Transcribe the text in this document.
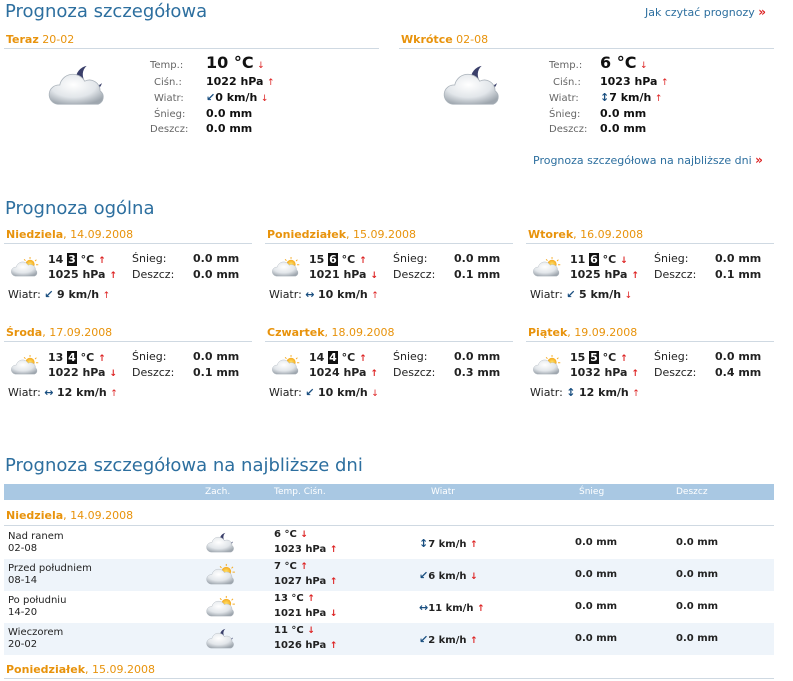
Prognoza szczegółowa	Jak czytać prognozy »
Teraz 20-02
Temp.: 10 °C ↓
Ciśn.: 1022 hPa ↑
Wiatr: ↙0 km/h ↓
Śnieg: 0.0 mm
Deszcz: 0.0 mm
Wkrótce 02-08
Temp.: 6 °C ↓
Ciśn.: 1023 hPa ↑
Wiatr: ↕7 km/h ↑
Śnieg: 0.0 mm
Deszcz: 0.0 mm
Prognoza szczegółowa na najbliższe dni »
Prognoza ogólna
Niedziela, 14.09.2008
14 3 °C ↑
1025 hPa ↑
Śnieg: 0.0 mm
Deszcz: 0.0 mm
Wiatr: ↙ 9 km/h ↑
Poniedziałek, 15.09.2008
15 6 °C ↑
1021 hPa ↓
Śnieg: 0.0 mm
Deszcz: 0.1 mm
Wiatr: ↔ 10 km/h ↑
Wtorek, 16.09.2008
11 6 °C ↓
1025 hPa ↑
Śnieg: 0.0 mm
Deszcz: 0.1 mm
Wiatr: ↙ 5 km/h ↓
Środa, 17.09.2008
13 4 °C ↑
1022 hPa ↓
Śnieg: 0.0 mm
Deszcz: 0.1 mm
Wiatr: ↔ 12 km/h ↑
Czwartek, 18.09.2008
14 4 °C ↑
1024 hPa ↑
Śnieg: 0.0 mm
Deszcz: 0.3 mm
Wiatr: ↙ 10 km/h ↓
Piątek, 19.09.2008
15 5 °C ↑
1032 hPa ↑
Śnieg: 0.0 mm
Deszcz: 0.4 mm
Wiatr: ↕ 12 km/h ↑
Prognoza szczegółowa na najbliższe dni
Zach.	Temp. Ciśn.	Wiatr	Śnieg	Deszcz
Niedziela, 14.09.2008
Nad ranem
02-08
6 °C ↓
1023 hPa ↑	↕7 km/h ↑	0.0 mm	0.0 mm
Przed południem
08-14
7 °C ↑
1027 hPa ↑	↙6 km/h ↓	0.0 mm	0.0 mm
Po południu
14-20
13 °C ↑
1021 hPa ↓	↔11 km/h ↑	0.0 mm	0.0 mm
Wieczorem
20-02
11 °C ↓
1026 hPa ↑	↙2 km/h ↑	0.0 mm	0.0 mm
Poniedziałek, 15.09.2008
